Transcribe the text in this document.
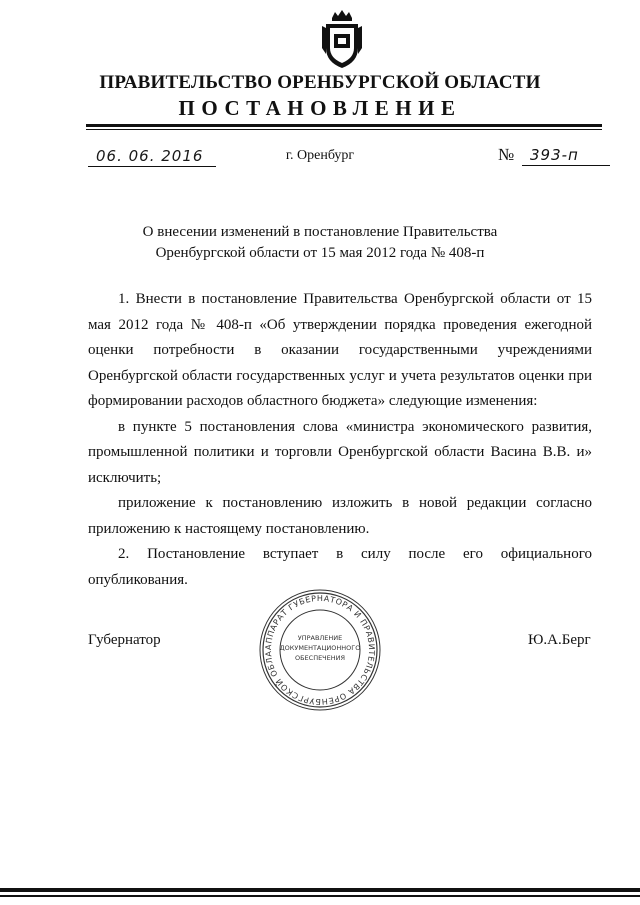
ПРАВИТЕЛЬСТВО ОРЕНБУРГСКОЙ ОБЛАСТИ
ПОСТАНОВЛЕНИЕ
06. 06. 2016	г. Оренбург	№	393-п
О внесении изменений в постановление Правительства
Оренбургской области от 15 мая 2012 года № 408-п

1. Внести в постановление Правительства Оренбургской области от 15 мая 2012 года № 408-п «Об утверждении порядка проведения ежегодной оценки потребности в оказании государственными учреждениями Оренбургской области государственных услуг и учета результатов оценки при формировании расходов областного бюджета» следующие изменения:

в пункте 5 постановления слова «министра экономического развития, промышленной политики и торговли Оренбургской области Васина В.В. и» исключить;

приложение к постановлению изложить в новой редакции согласно приложению к настоящему постановлению.

2. Постановление вступает в силу после его официального опубликования.

Губернатор	Ю.А.Берг
АППАРАТ ГУБЕРНАТОРА И ПРАВИТЕЛЬСТВА ОРЕНБУРГСКОЙ ОБЛА
УПРАВЛЕНИЕ
ДОКУМЕНТАЦИОННОГО
ОБЕСПЕЧЕНИЯ
